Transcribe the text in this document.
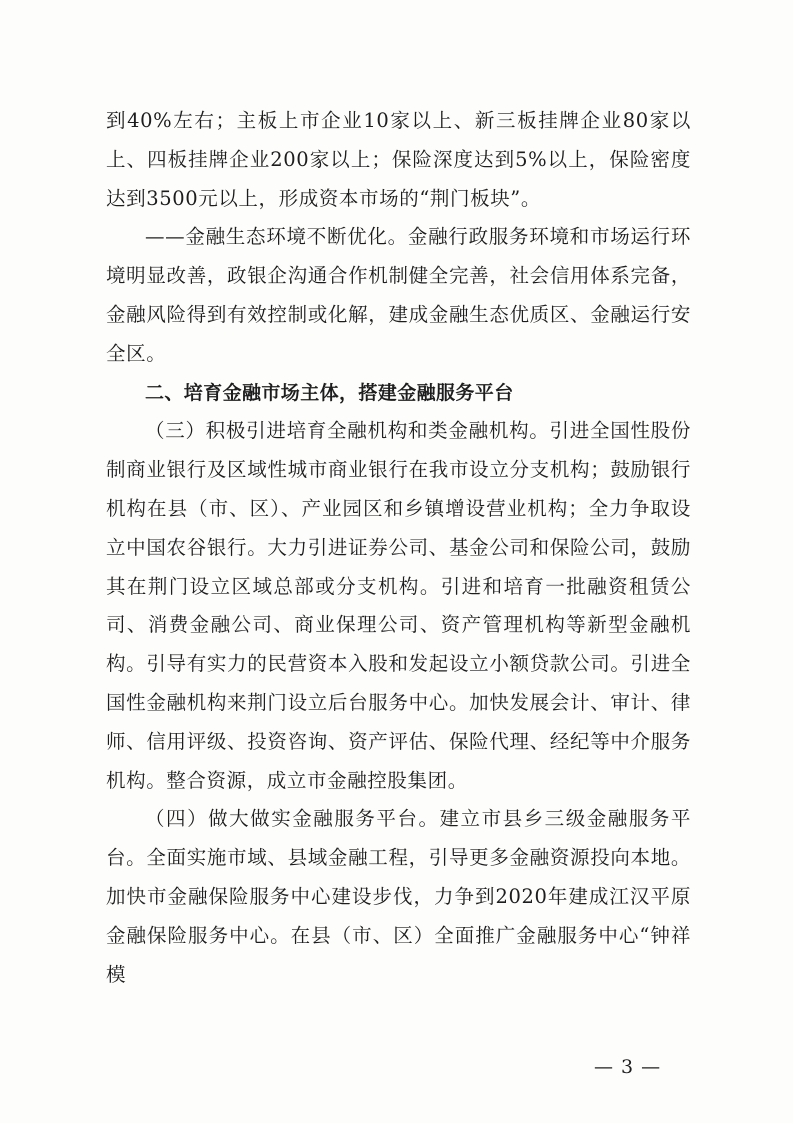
到40%左右；主板上市企业10家以上、新三板挂牌企业80家以上、四板挂牌企业200家以上；保险深度达到5%以上，保险密度达到3500元以上，形成资本市场的“荆门板块”。

——金融生态环境不断优化。金融行政服务环境和市场运行环境明显改善，政银企沟通合作机制健全完善，社会信用体系完备，金融风险得到有效控制或化解，建成金融生态优质区、金融运行安全区。

二、培育金融市场主体，搭建金融服务平台

（三）积极引进培育全融机构和类金融机构。引进全国性股份制商业银行及区域性城市商业银行在我市设立分支机构；鼓励银行机构在县（市、区）、产业园区和乡镇增设营业机构；全力争取设立中国农谷银行。大力引进证券公司、基金公司和保险公司，鼓励其在荆门设立区域总部或分支机构。引进和培育一批融资租赁公司、消费金融公司、商业保理公司、资产管理机构等新型金融机构。引导有实力的民营资本入股和发起设立小额贷款公司。引进全国性金融机构来荆门设立后台服务中心。加快发展会计、审计、律师、信用评级、投资咨询、资产评估、保险代理、经纪等中介服务机构。整合资源，成立市金融控股集团。

（四）做大做实金融服务平台。建立市县乡三级金融服务平台。全面实施市域、县域金融工程，引导更多金融资源投向本地。加快市金融保险服务中心建设步伐，力争到2020年建成江汉平原金融保险服务中心。在县（市、区）全面推广金融服务中心“钟祥模

— 3 —
